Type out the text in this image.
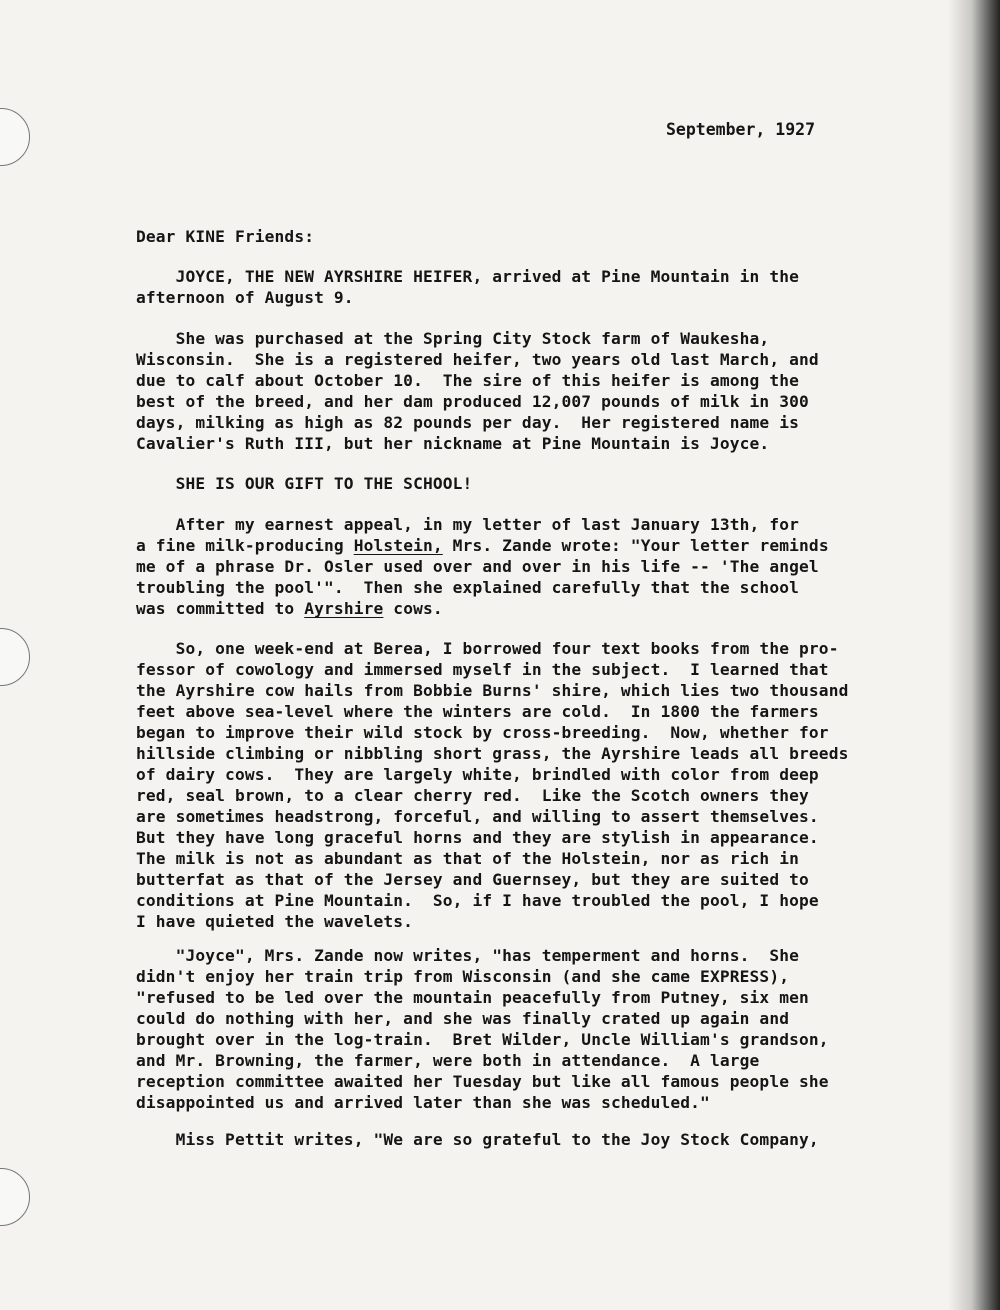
September, 1927
Dear KINE Friends:
JOYCE, THE NEW AYRSHIRE HEIFER, arrived at Pine Mountain in the
afternoon of August 9.
She was purchased at the Spring City Stock farm of Waukesha,
Wisconsin.  She is a registered heifer, two years old last March, and
due to calf about October 10.  The sire of this heifer is among the
best of the breed, and her dam produced 12,007 pounds of milk in 300
days, milking as high as 82 pounds per day.  Her registered name is
Cavalier's Ruth III, but her nickname at Pine Mountain is Joyce.
SHE IS OUR GIFT TO THE SCHOOL!
After my earnest appeal, in my letter of last January 13th, for
a fine milk-producing Holstein, Mrs. Zande wrote: "Your letter reminds
me of a phrase Dr. Osler used over and over in his life -- 'The angel
troubling the pool'".  Then she explained carefully that the school
was committed to Ayrshire cows.
So, one week-end at Berea, I borrowed four text books from the pro-
fessor of cowology and immersed myself in the subject.  I learned that
the Ayrshire cow hails from Bobbie Burns' shire, which lies two thousand
feet above sea-level where the winters are cold.  In 1800 the farmers
began to improve their wild stock by cross-breeding.  Now, whether for
hillside climbing or nibbling short grass, the Ayrshire leads all breeds
of dairy cows.  They are largely white, brindled with color from deep
red, seal brown, to a clear cherry red.  Like the Scotch owners they
are sometimes headstrong, forceful, and willing to assert themselves.
But they have long graceful horns and they are stylish in appearance.
The milk is not as abundant as that of the Holstein, nor as rich in
butterfat as that of the Jersey and Guernsey, but they are suited to
conditions at Pine Mountain.  So, if I have troubled the pool, I hope
I have quieted the wavelets.
"Joyce", Mrs. Zande now writes, "has temperment and horns.  She
didn't enjoy her train trip from Wisconsin (and she came EXPRESS),
"refused to be led over the mountain peacefully from Putney, six men
could do nothing with her, and she was finally crated up again and
brought over in the log-train.  Bret Wilder, Uncle William's grandson,
and Mr. Browning, the farmer, were both in attendance.  A large
reception committee awaited her Tuesday but like all famous people she
disappointed us and arrived later than she was scheduled."
Miss Pettit writes, "We are so grateful to the Joy Stock Company,
